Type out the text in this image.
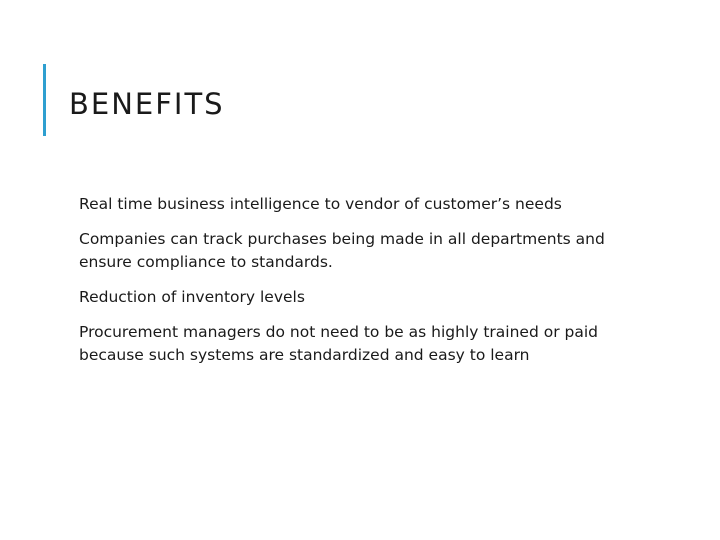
BENEFITS
Real time business intelligence to vendor of customer’s needs
Companies can track purchases being made in all departments and ensure compliance to standards.
Reduction of inventory levels
Procurement managers do not need to be as highly trained or paid because such systems are standardized and easy to learn
